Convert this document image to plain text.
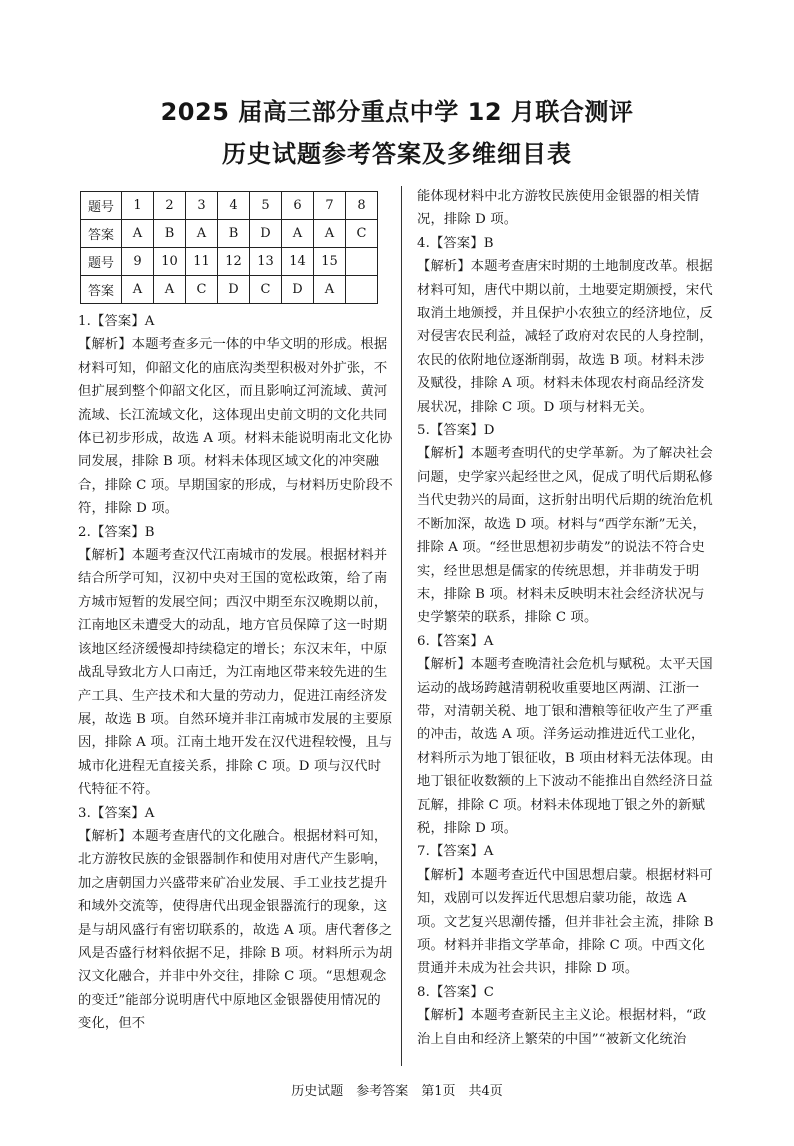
2025 届高三部分重点中学 12 月联合测评
历史试题参考答案及多维细目表
题号	1	2	3	4	5	6	7	8
答案	A	B	A	B	D	A	A	C
题号	9	10	11	12	13	14	15	
答案	A	A	C	D	C	D	A	

1.【答案】A

【解析】本题考查多元一体的中华文明的形成。根据材料可知，仰韶文化的庙底沟类型积极对外扩张，不但扩展到整个仰韶文化区，而且影响辽河流域、黄河流域、长江流域文化，这体现出史前文明的文化共同体已初步形成，故选 A 项。材料未能说明南北文化协同发展，排除 B 项。材料未体现区域文化的冲突融合，排除 C 项。早期国家的形成，与材料历史阶段不符，排除 D 项。

2.【答案】B

【解析】本题考查汉代江南城市的发展。根据材料并结合所学可知，汉初中央对王国的宽松政策，给了南方城市短暂的发展空间；西汉中期至东汉晚期以前，江南地区未遭受大的动乱，地方官员保障了这一时期该地区经济缓慢却持续稳定的增长；东汉末年，中原战乱导致北方人口南迁，为江南地区带来较先进的生产工具、生产技术和大量的劳动力，促进江南经济发展，故选 B 项。自然环境并非江南城市发展的主要原因，排除 A 项。江南土地开发在汉代进程较慢，且与城市化进程无直接关系，排除 C 项。D 项与汉代时代特征不符。

3.【答案】A

【解析】本题考查唐代的文化融合。根据材料可知，北方游牧民族的金银器制作和使用对唐代产生影响，加之唐朝国力兴盛带来矿冶业发展、手工业技艺提升和域外交流等，使得唐代出现金银器流行的现象，这是与胡风盛行有密切联系的，故选 A 项。唐代奢侈之风是否盛行材料依据不足，排除 B 项。材料所示为胡汉文化融合，并非中外交往，排除 C 项。“思想观念的变迁”能部分说明唐代中原地区金银器使用情况的变化，但不

能体现材料中北方游牧民族使用金银器的相关情况，排除 D 项。

4.【答案】B

【解析】本题考查唐宋时期的土地制度改革。根据材料可知，唐代中期以前，土地要定期颁授，宋代取消土地颁授，并且保护小农独立的经济地位，反对侵害农民利益，减轻了政府对农民的人身控制，农民的依附地位逐渐削弱，故选 B 项。材料未涉及赋役，排除 A 项。材料未体现农村商品经济发展状况，排除 C 项。D 项与材料无关。

5.【答案】D

【解析】本题考查明代的史学革新。为了解决社会问题，史学家兴起经世之风，促成了明代后期私修当代史勃兴的局面，这折射出明代后期的统治危机不断加深，故选 D 项。材料与“西学东渐”无关，排除 A 项。“经世思想初步萌发”的说法不符合史实，经世思想是儒家的传统思想，并非萌发于明末，排除 B 项。材料未反映明末社会经济状况与史学繁荣的联系，排除 C 项。

6.【答案】A

【解析】本题考查晚清社会危机与赋税。太平天国运动的战场跨越清朝税收重要地区两湖、江浙一带，对清朝关税、地丁银和漕粮等征收产生了严重的冲击，故选 A 项。洋务运动推进近代工业化，材料所示为地丁银征收，B 项由材料无法体现。由地丁银征收数额的上下波动不能推出自然经济日益瓦解，排除 C 项。材料未体现地丁银之外的新赋税，排除 D 项。

7.【答案】A

【解析】本题考查近代中国思想启蒙。根据材料可知，戏剧可以发挥近代思想启蒙功能，故选 A 项。文艺复兴思潮传播，但并非社会主流，排除 B 项。材料并非指文学革命，排除 C 项。中西文化贯通并未成为社会共识，排除 D 项。

8.【答案】C

【解析】本题考查新民主主义论。根据材料，“政治上自由和经济上繁荣的中国”“被新文化统治

历史试题　参考答案　第1页　共4页
